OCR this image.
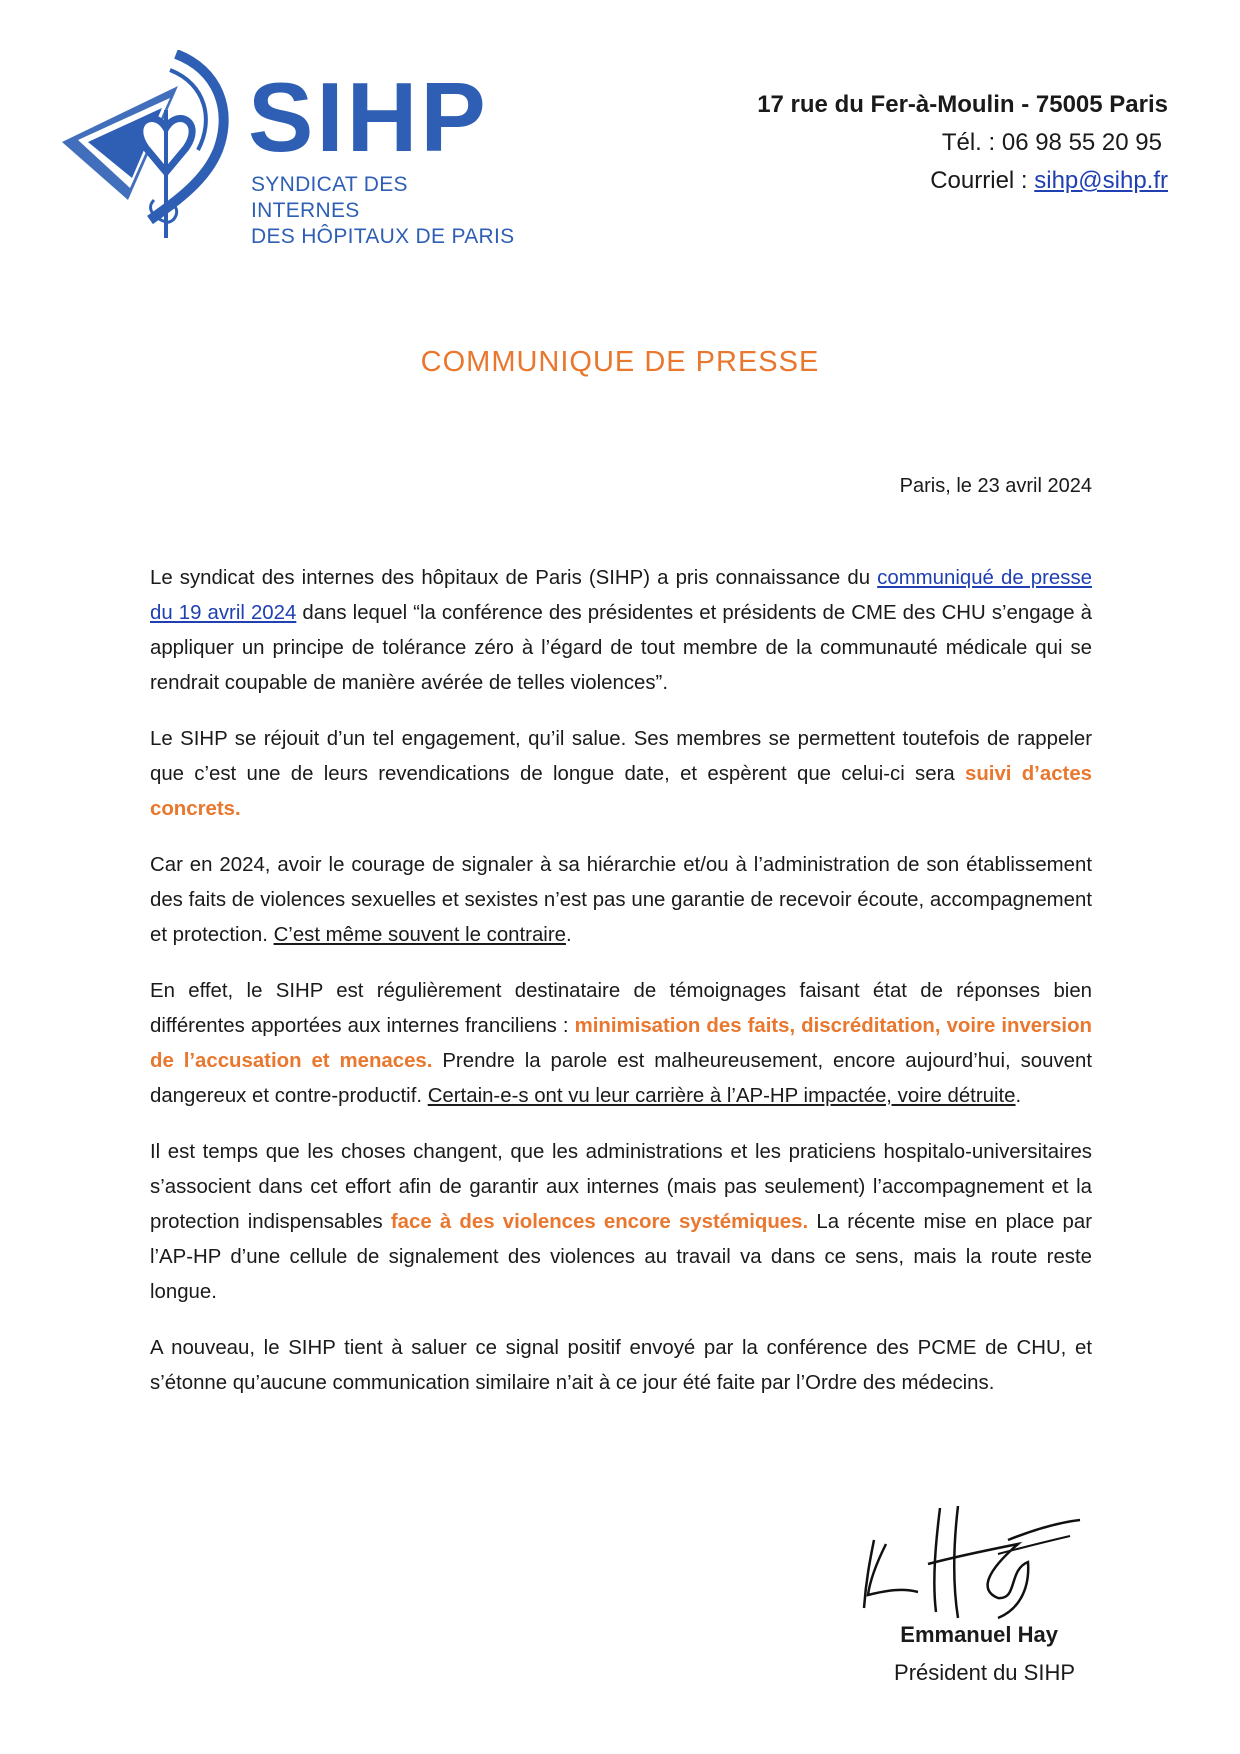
SIHP
SYNDICAT DES INTERNES
DES HÔPITAUX DE PARIS
17 rue du Fer-à-Moulin - 75005 Paris
Tél. : 06 98 55 20 95
Courriel : sihp@sihp.fr
COMMUNIQUE DE PRESSE
Paris, le 23 avril 2024

Le syndicat des internes des hôpitaux de Paris (SIHP) a pris connaissance du communiqué de presse du 19 avril 2024 dans lequel “la conférence des présidentes et présidents de CME des CHU s’engage à appliquer un principe de tolérance zéro à l’égard de tout membre de la communauté médicale qui se rendrait coupable de manière avérée de telles violences”.

Le SIHP se réjouit d’un tel engagement, qu’il salue. Ses membres se permettent toutefois de rappeler que c’est une de leurs revendications de longue date, et espèrent que celui-ci sera suivi d’actes concrets.

Car en 2024, avoir le courage de signaler à sa hiérarchie et/ou à l’administration de son établissement des faits de violences sexuelles et sexistes n’est pas une garantie de recevoir écoute, accompagnement et protection. C’est même souvent le contraire.

En effet, le SIHP est régulièrement destinataire de témoignages faisant état de réponses bien différentes apportées aux internes franciliens : minimisation des faits, discréditation, voire inversion de l’accusation et menaces. Prendre la parole est malheureusement, encore aujourd’hui, souvent dangereux et contre-productif. Certain-e-s ont vu leur carrière à l’AP-HP impactée, voire détruite.

Il est temps que les choses changent, que les administrations et les praticiens hospitalo-universitaires s’associent dans cet effort afin de garantir aux internes (mais pas seulement) l’accompagnement et la protection indispensables face à des violences encore systémiques. La récente mise en place par l’AP-HP d’une cellule de signalement des violences au travail va dans ce sens, mais la route reste longue.

A nouveau, le SIHP tient à saluer ce signal positif envoyé par la conférence des PCME de CHU, et s’étonne qu’aucune communication similaire n’ait à ce jour été faite par l’Ordre des médecins.

Emmanuel Hay
Président du SIHP
